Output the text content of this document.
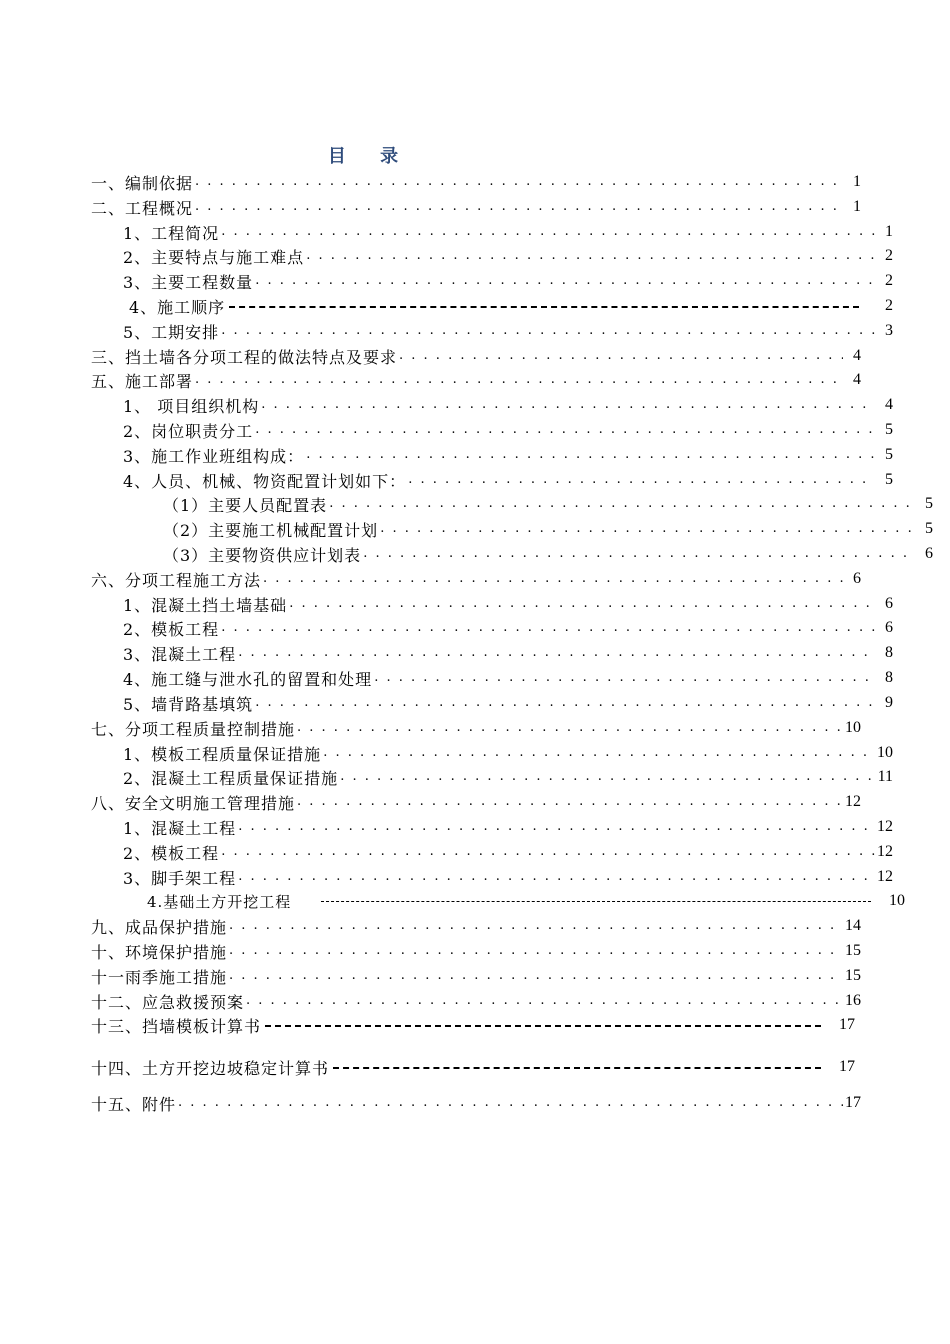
目 录
一、编制依据 . . .	1
二、工程概况 . . .	1
1、工程简况 . . .	1
2、主要特点与施工难点 . . .	2
3、主要工程数量 . . .	2
4、施工顺序	2
5、工期安排 . . .	3
三、挡土墙各分项工程的做法特点及要求 . . .	4
五、施工部署 . . .	4
1、 项目组织机构 . . .	4
2、岗位职责分工 . . .	5
3、施工作业班组构成： . . .	5
4、人员、机械、物资配置计划如下： . . .	5
（1）主要人员配置表 . . .	5
（2）主要施工机械配置计划 . . .	5
（3）主要物资供应计划表 . . .	6
六、分项工程施工方法 . . .	6
1、混凝土挡土墙基础 . . .	6
2、模板工程 . . .	6
3、混凝土工程 . . .	8
4、施工缝与泄水孔的留置和处理 . . .	8
5、墙背路基填筑 . . .	9
七、分项工程质量控制措施 . . .	10
1、模板工程质量保证措施 . . .	10
2、混凝土工程质量保证措施 . . .	11
八、安全文明施工管理措施 . . .	12
1、混凝土工程 . . .	12
2、模板工程 . . .	12
3、脚手架工程 . . .	12
4.基础土方开挖工程	10
九、成品保护措施 . . .	14
十、环境保护措施 . . .	15
十一雨季施工措施 . . .	15
十二、应急救援预案 . . .	16
十三、挡墙模板计算书	17
十四、土方开挖边坡稳定计算书	17
十五、附件 . . .	17
